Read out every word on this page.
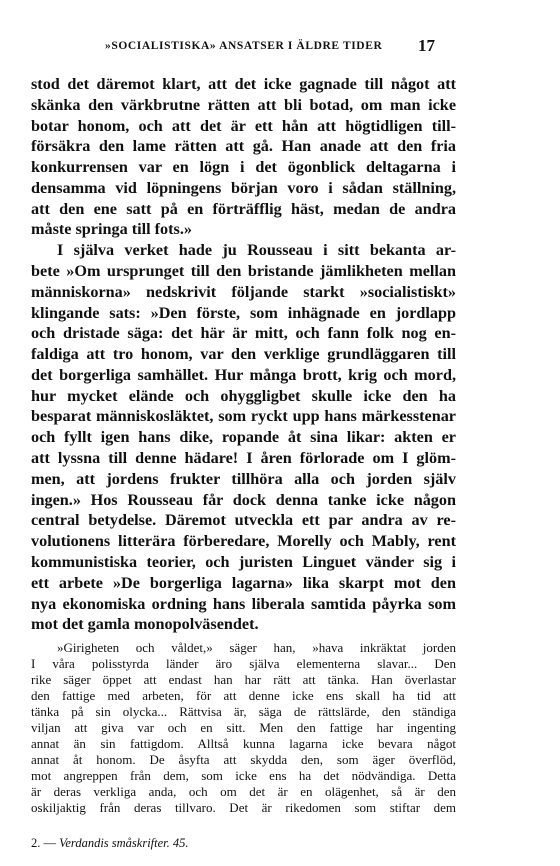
»SOCIALISTISKA» ANSATSER I ÄLDRE TIDER	17
stod det däremot klart, att det icke gagnade till något att
skänka den värkbrutne rätten att bli botad, om man icke
botar honom, och att det är ett hån att högtidligen till-
försäkra den lame rätten att gå. Han anade att den fria
konkurrensen var en lögn i det ögonblick deltagarna i
densamma vid löpningens början voro i sådan ställning,
att den ene satt på en förträfflig häst, medan de andra
måste springa till fots.»
I själva verket hade ju Rousseau i sitt bekanta ar-
bete »Om ursprunget till den bristande jämlikheten mellan
människorna» nedskrivit följande starkt »socialistiskt»
klingande sats: »Den förste, som inhägnade en jordlapp
och dristade säga: det här är mitt, och fann folk nog en-
faldiga att tro honom, var den verklige grundläggaren till
det borgerliga samhället. Hur många brott, krig och mord,
hur mycket elände och ohyggligbet skulle icke den ha
besparat människosläktet, som ryckt upp hans märkesstenar
och fyllt igen hans dike, ropande åt sina likar: akten er
att lyssna till denne hädare! I åren förlorade om I glöm-
men, att jordens frukter tillhöra alla och jorden själv
ingen.» Hos Rousseau får dock denna tanke icke någon
central betydelse. Däremot utveckla ett par andra av re-
volutionens litterära förberedare, Morelly och Mably, rent
kommunistiska teorier, och juristen Linguet vänder sig i
ett arbete »De borgerliga lagarna» lika skarpt mot den
nya ekonomiska ordning hans liberala samtida påyrka som
mot det gamla monopolväsendet.
»Girigheten och våldet,» säger han, »hava inkräktat jorden
I våra polisstyrda länder äro själva elementerna slavar... Den
rike säger öppet att endast han har rätt att tänka. Han överlastar
den fattige med arbeten, för att denne icke ens skall ha tid att
tänka på sin olycka... Rättvisa är, säga de rättslärde, den ständiga
viljan att giva var och en sitt. Men den fattige har ingenting
annat än sin fattigdom. Alltså kunna lagarna icke bevara något
annat åt honom. De åsyfta att skydda den, som äger överflöd,
mot angreppen från dem, som icke ens ha det nödvändiga. Detta
är deras verkliga anda, och om det är en olägenhet, så är den
oskiljaktig från deras tillvaro. Det är rikedomen som stiftar dem
2. — Verdandis småskrifter. 45.
